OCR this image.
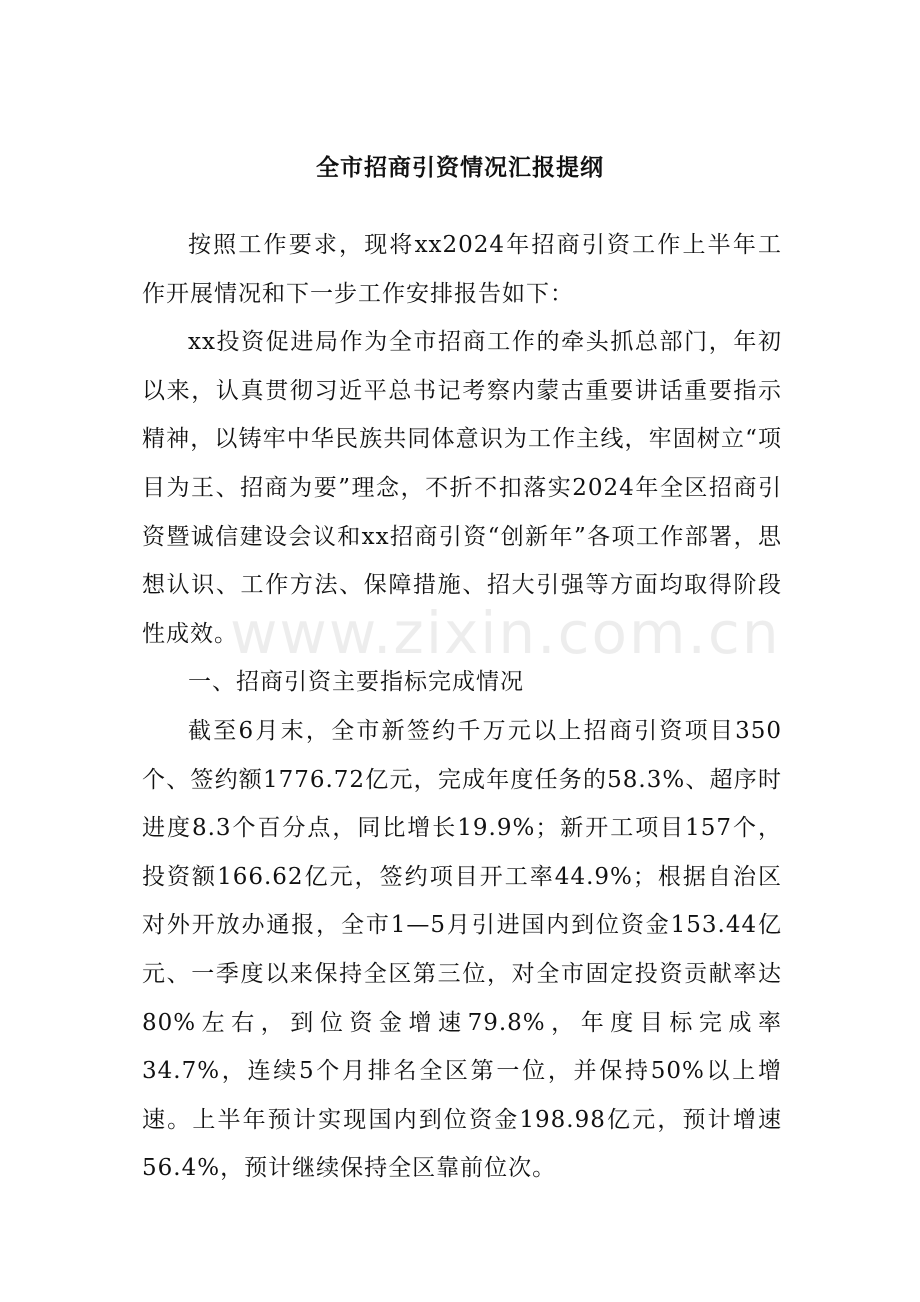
全市招商引资情况汇报提纲

按照工作要求，现将xx2024年招商引资工作上半年工作开展情况和下一步工作安排报告如下：

xx投资促进局作为全市招商工作的牵头抓总部门，年初以来，认真贯彻习近平总书记考察内蒙古重要讲话重要指示精神，以铸牢中华民族共同体意识为工作主线，牢固树立“项目为王、招商为要”理念，不折不扣落实2024年全区招商引资暨诚信建设会议和xx招商引资“创新年”各项工作部署，思想认识、工作方法、保障措施、招大引强等方面均取得阶段性成效。

一、招商引资主要指标完成情况

截至6月末，全市新签约千万元以上招商引资项目350个、签约额1776.72亿元，完成年度任务的58.3%、超序时进度8.3个百分点，同比增长19.9%；新开工项目157个，投资额166.62亿元，签约项目开工率44.9%；根据自治区对外开放办通报，全市1—5月引进国内到位资金153.44亿元、一季度以来保持全区第三位，对全市固定投资贡献率达80%左右，到位资金增速79.8%，年度目标完成率34.7%，连续5个月排名全区第一位，并保持50%以上增速。上半年预计实现国内到位资金198.98亿元，预计增速56.4%，预计继续保持全区靠前位次。

www.zixin.com.cn
